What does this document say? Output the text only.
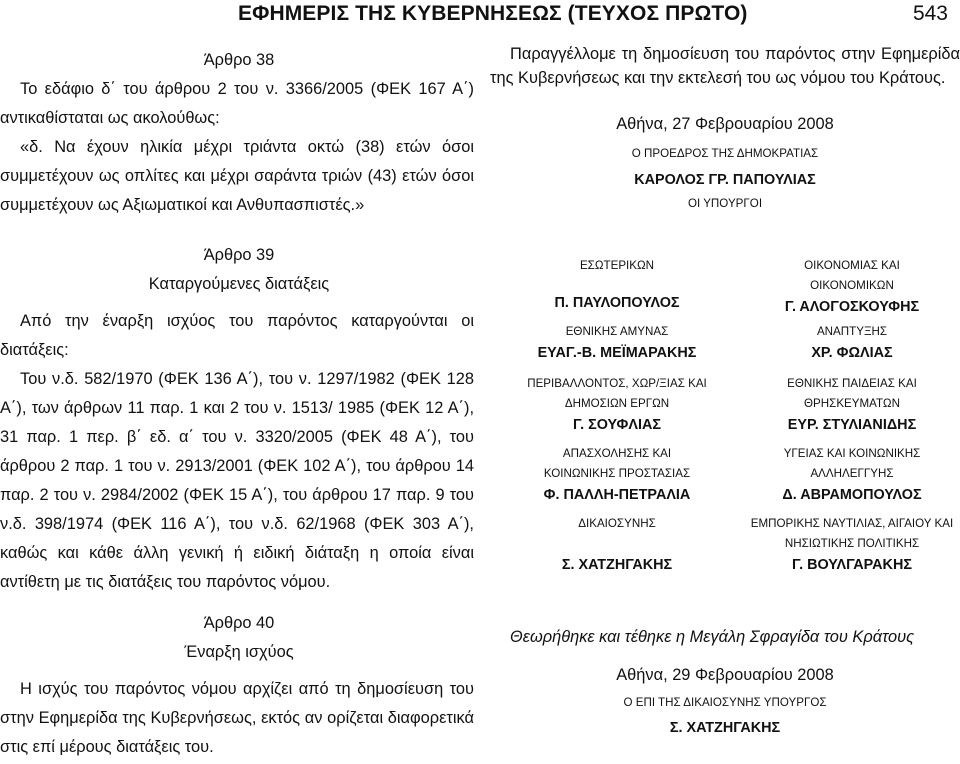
ΕΦΗΜΕΡΙΣ ΤΗΣ ΚΥΒΕΡΝΗΣΕΩΣ (ΤΕΥΧΟΣ ΠΡΩΤΟ)	543

Άρθρο 38

Το εδάφιο δ΄ του άρθρου 2 του ν. 3366/2005 (ΦΕΚ 167 Α΄) αντικαθίσταται ως ακολούθως:

«δ. Να έχουν ηλικία μέχρι τριάντα οκτώ (38) ετών όσοι συμμετέχουν ως οπλίτες και μέχρι σαράντα τριών (43) ετών όσοι συμμετέχουν ως Αξιωματικοί και Ανθυπασπιστές.»

Άρθρο 39

Καταργούμενες διατάξεις

Από την έναρξη ισχύος του παρόντος καταργούνται οι διατάξεις:

Του ν.δ. 582/1970 (ΦΕΚ 136 Α΄), του ν. 1297/1982 (ΦΕΚ 128 Α΄), των άρθρων 11 παρ. 1 και 2 του ν. 1513/ 1985 (ΦΕΚ 12 Α΄), 31 παρ. 1 περ. β΄ εδ. α΄ του ν. 3320/2005 (ΦΕΚ 48 Α΄), του άρθρου 2 παρ. 1 του ν. 2913/2001 (ΦΕΚ 102 Α΄), του άρθρου 14 παρ. 2 του ν. 2984/2002 (ΦΕΚ 15 Α΄), του άρθρου 17 παρ. 9 του ν.δ. 398/1974 (ΦΕΚ 116 Α΄), του ν.δ. 62/1968 (ΦΕΚ 303 Α΄), καθώς και κάθε άλλη γενική ή ειδική διάταξη η οποία είναι αντίθετη με τις διατάξεις του παρόντος νόμου.

Άρθρο 40

Έναρξη ισχύος

Η ισχύς του παρόντος νόμου αρχίζει από τη δημοσίευση του στην Εφημερίδα της Κυβερνήσεως, εκτός αν ορίζεται διαφορετικά στις επί μέρους διατάξεις του.

Παραγγέλλομε τη δημοσίευση του παρόντος στην Εφημερίδα της Κυβερνήσεως και την εκτελεσή του ως νόμου του Κράτους.

Αθήνα, 27 Φεβρουαρίου 2008

Ο ΠΡΟΕΔΡΟΣ ΤΗΣ ΔΗΜΟΚΡΑΤΙΑΣ

ΚΑΡΟΛΟΣ ΓΡ. ΠΑΠΟΥΛΙΑΣ

ΟΙ ΥΠΟΥΡΓΟΙ

ΕΣΩΤΕΡΙΚΩΝ
Π. ΠΑΥΛΟΠΟΥΛΟΣ
ΟΙΚΟΝΟΜΙΑΣ ΚΑΙ ΟΙΚΟΝΟΜΙΚΩΝ
Γ. ΑΛΟΓΟΣΚΟΥΦΗΣ
ΕΘΝΙΚΗΣ ΑΜΥΝΑΣ
ΕΥΑΓ.-Β. ΜΕΪΜΑΡΑΚΗΣ
ΑΝΑΠΤΥΞΗΣ
ΧΡ. ΦΩΛΙΑΣ
ΠΕΡΙΒΑΛΛΟΝΤΟΣ, ΧΩΡ/ΞΙΑΣ ΚΑΙ ΔΗΜΟΣΙΩΝ ΕΡΓΩΝ
Γ. ΣΟΥΦΛΙΑΣ
ΕΘΝΙΚΗΣ ΠΑΙΔΕΙΑΣ ΚΑΙ ΘΡΗΣΚΕΥΜΑΤΩΝ
ΕΥΡ. ΣΤΥΛΙΑΝΙΔΗΣ
ΑΠΑΣΧΟΛΗΣΗΣ ΚΑΙ ΚΟΙΝΩΝΙΚΗΣ ΠΡΟΣΤΑΣΙΑΣ
Φ. ΠΑΛΛΗ-ΠΕΤΡΑΛΙΑ
ΥΓΕΙΑΣ ΚΑΙ ΚΟΙΝΩΝΙΚΗΣ ΑΛΛΗΛΕΓΓΥΗΣ
Δ. ΑΒΡΑΜΟΠΟΥΛΟΣ
ΔΙΚΑΙΟΣΥΝΗΣ
Σ. ΧΑΤΖΗΓΑΚΗΣ
ΕΜΠΟΡΙΚΗΣ ΝΑΥΤΙΛΙΑΣ, ΑΙΓΑΙΟΥ ΚΑΙ ΝΗΣΙΩΤΙΚΗΣ ΠΟΛΙΤΙΚΗΣ
Γ. ΒΟΥΛΓΑΡΑΚΗΣ

Θεωρήθηκε και τέθηκε η Μεγάλη Σφραγίδα του Κράτους

Αθήνα, 29 Φεβρουαρίου 2008

Ο ΕΠΙ ΤΗΣ ΔΙΚΑΙΟΣΥΝΗΣ ΥΠΟΥΡΓΟΣ

Σ. ΧΑΤΖΗΓΑΚΗΣ
